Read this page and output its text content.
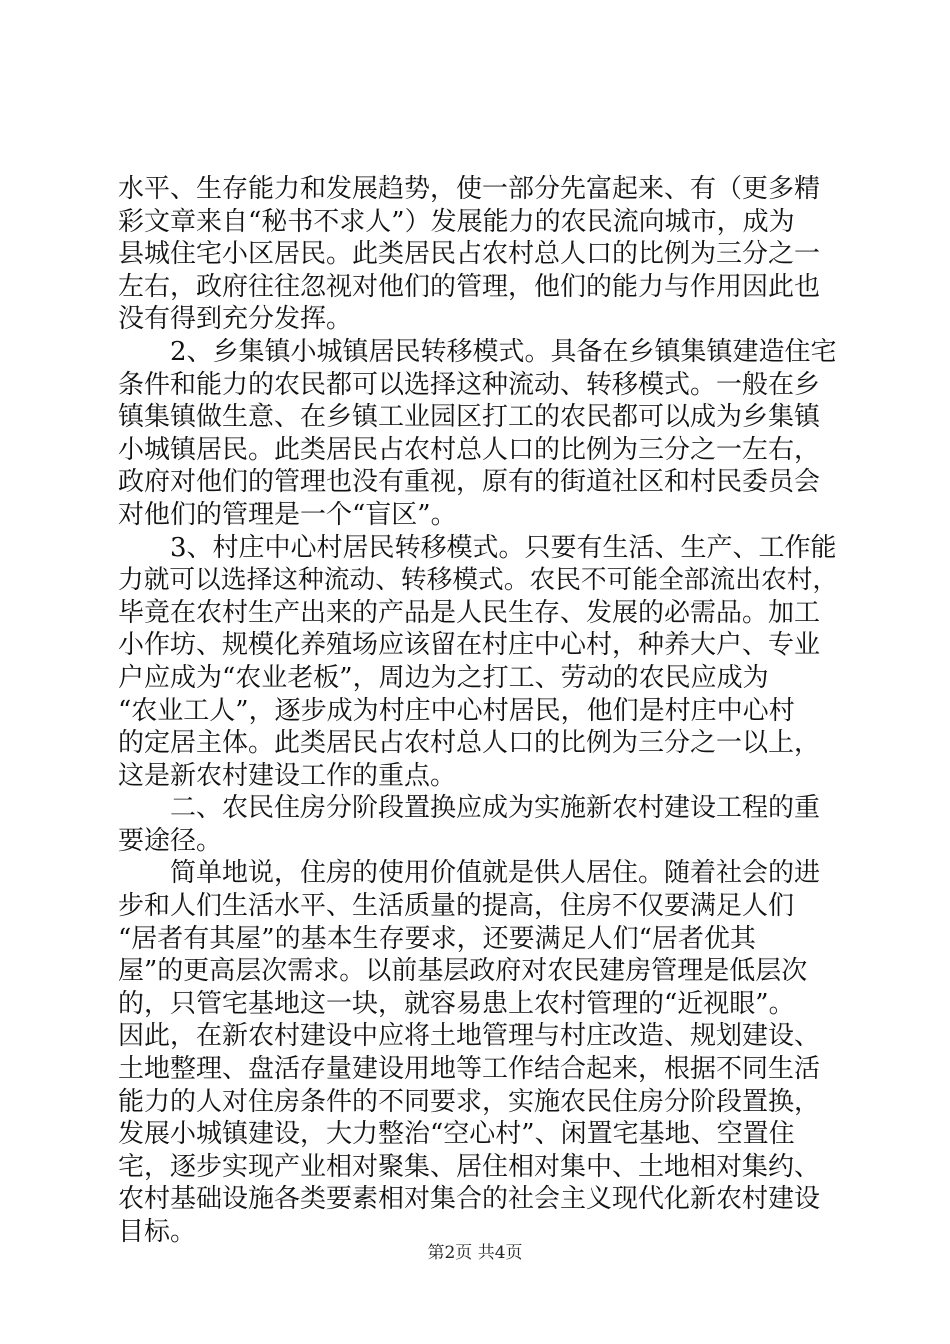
水平、生存能力和发展趋势，使一部分先富起来、有（更多精
彩文章来自“秘书不求人”）发展能力的农民流向城市，成为
县城住宅小区居民。此类居民占农村总人口的比例为三分之一
左右，政府往往忽视对他们的管理，他们的能力与作用因此也
没有得到充分发挥。
2、乡集镇小城镇居民转移模式。具备在乡镇集镇建造住宅
条件和能力的农民都可以选择这种流动、转移模式。一般在乡
镇集镇做生意、在乡镇工业园区打工的农民都可以成为乡集镇
小城镇居民。此类居民占农村总人口的比例为三分之一左右，
政府对他们的管理也没有重视，原有的街道社区和村民委员会
对他们的管理是一个“盲区”。
3、村庄中心村居民转移模式。只要有生活、生产、工作能
力就可以选择这种流动、转移模式。农民不可能全部流出农村，
毕竟在农村生产出来的产品是人民生存、发展的必需品。加工
小作坊、规模化养殖场应该留在村庄中心村，种养大户、专业
户应成为“农业老板”，周边为之打工、劳动的农民应成为
“农业工人”，逐步成为村庄中心村居民，他们是村庄中心村
的定居主体。此类居民占农村总人口的比例为三分之一以上，
这是新农村建设工作的重点。
二、农民住房分阶段置换应成为实施新农村建设工程的重
要途径。
简单地说，住房的使用价值就是供人居住。随着社会的进
步和人们生活水平、生活质量的提高，住房不仅要满足人们
“居者有其屋”的基本生存要求，还要满足人们“居者优其
屋”的更高层次需求。以前基层政府对农民建房管理是低层次
的，只管宅基地这一块，就容易患上农村管理的“近视眼”。
因此，在新农村建设中应将土地管理与村庄改造、规划建设、
土地整理、盘活存量建设用地等工作结合起来，根据不同生活
能力的人对住房条件的不同要求，实施农民住房分阶段置换，
发展小城镇建设，大力整治“空心村”、闲置宅基地、空置住
宅，逐步实现产业相对聚集、居住相对集中、土地相对集约、
农村基础设施各类要素相对集合的社会主义现代化新农村建设
目标。
第2页 共4页
